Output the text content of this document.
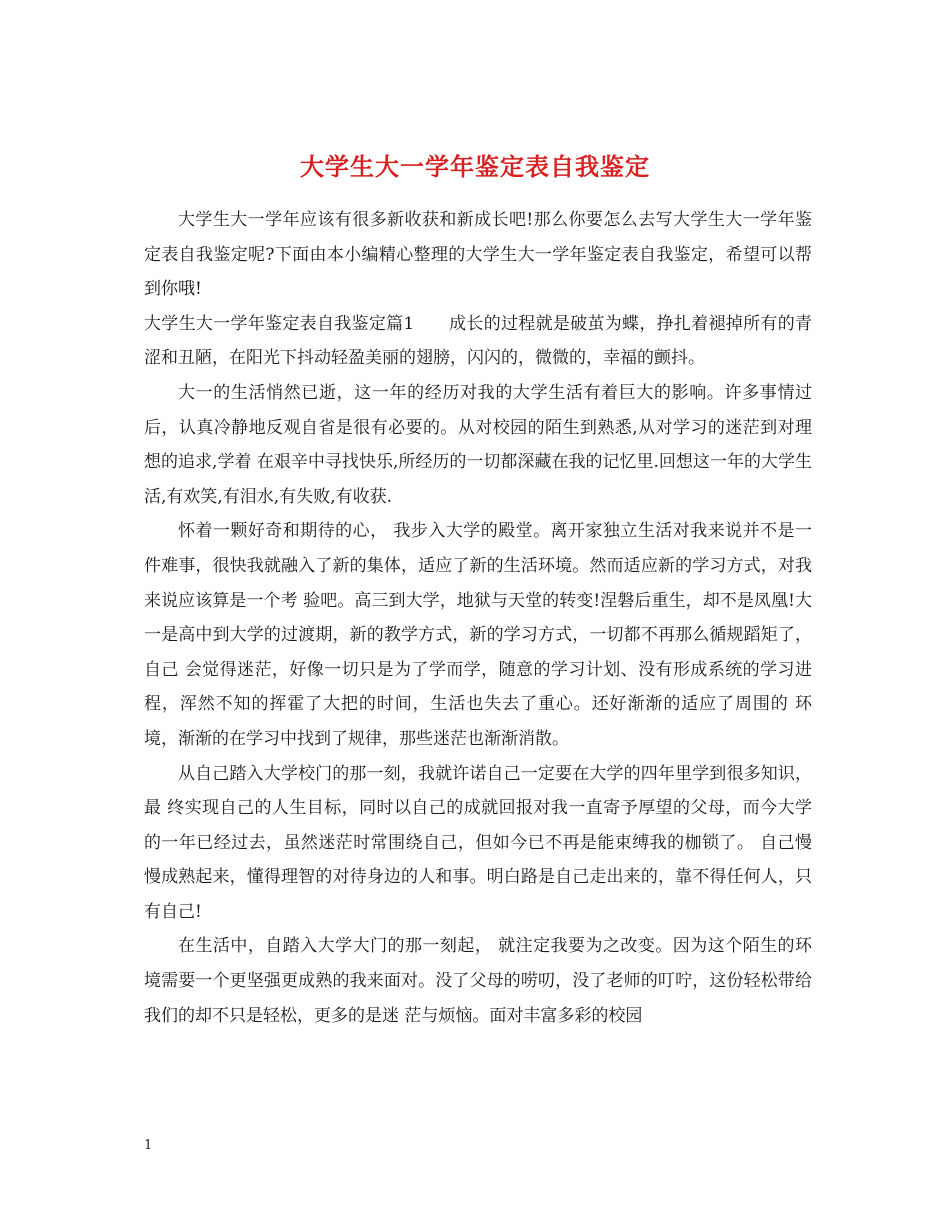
大学生大一学年鉴定表自我鉴定

大学生大一学年应该有很多新收获和新成长吧!那么你要怎么去写大学生大一学年鉴定表自我鉴定呢?下面由本小编精心整理的大学生大一学年鉴定表自我鉴定，希望可以帮到你哦!

大学生大一学年鉴定表自我鉴定篇1　　成长的过程就是破茧为蝶，挣扎着褪掉所有的青涩和丑陋，在阳光下抖动轻盈美丽的翅膀，闪闪的，微微的，幸福的颤抖。

大一的生活悄然已逝，这一年的经历对我的大学生活有着巨大的影响。许多事情过后，认真冷静地反观自省是很有必要的。从对校园的陌生到熟悉,从对学习的迷茫到对理想的追求,学着 在艰辛中寻找快乐,所经历的一切都深藏在我的记忆里.回想这一年的大学生活,有欢笑,有泪水,有失败,有收获.

怀着一颗好奇和期待的心， 我步入大学的殿堂。离开家独立生活对我来说并不是一件难事，很快我就融入了新的集体，适应了新的生活环境。然而适应新的学习方式，对我来说应该算是一个考 验吧。高三到大学，地狱与天堂的转变!涅磐后重生，却不是凤凰!大一是高中到大学的过渡期，新的教学方式，新的学习方式，一切都不再那么循规蹈矩了，自己 会觉得迷茫，好像一切只是为了学而学，随意的学习计划、没有形成系统的学习进程，浑然不知的挥霍了大把的时间，生活也失去了重心。还好渐渐的适应了周围的 环境，渐渐的在学习中找到了规律，那些迷茫也渐渐消散。

从自己踏入大学校门的那一刻，我就许诺自己一定要在大学的四年里学到很多知识，最 终实现自己的人生目标，同时以自己的成就回报对我一直寄予厚望的父母，而今大学的一年已经过去，虽然迷茫时常围绕自己，但如今已不再是能束缚我的枷锁了。 自己慢慢成熟起来，懂得理智的对待身边的人和事。明白路是自己走出来的，靠不得任何人，只有自己!

在生活中，自踏入大学大门的那一刻起， 就注定我要为之改变。因为这个陌生的环境需要一个更坚强更成熟的我来面对。没了父母的唠叨，没了老师的叮咛，这份轻松带给我们的却不只是轻松，更多的是迷 茫与烦恼。面对丰富多彩的校园

1
